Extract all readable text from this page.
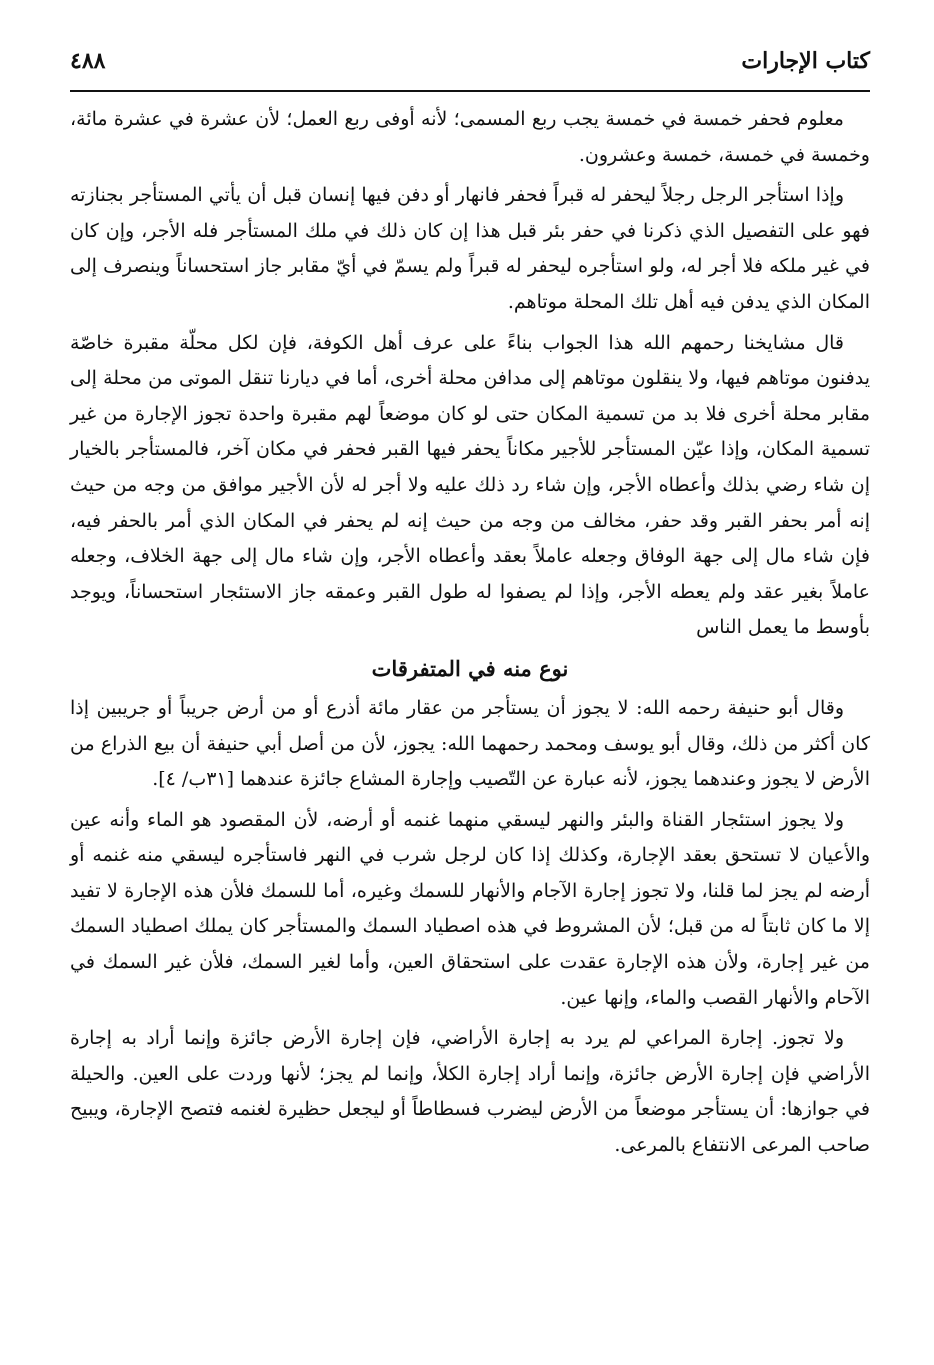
كتاب الإجارات
٤٨٨

معلوم فحفر خمسة في خمسة يجب ربع المسمى؛ لأنه أوفى ربع العمل؛ لأن عشرة في عشرة مائة، وخمسة في خمسة، خمسة وعشرون.

وإذا استأجر الرجل رجلاً ليحفر له قبراً فحفر فانهار أو دفن فيها إنسان قبل أن يأتي المستأجر بجنازته فهو على التفصيل الذي ذكرنا في حفر بئر قبل هذا إن كان ذلك في ملك المستأجر فله الأجر، وإن كان في غير ملكه فلا أجر له، ولو استأجره ليحفر له قبراً ولم يسمّ في أيّ مقابر جاز استحساناً وينصرف إلى المكان الذي يدفن فيه أهل تلك المحلة موتاهم.

قال مشايخنا رحمهم الله هذا الجواب بناءً على عرف أهل الكوفة، فإن لكل محلّة مقبرة خاصّة يدفنون موتاهم فيها، ولا ينقلون موتاهم إلى مدافن محلة أخرى، أما في ديارنا تنقل الموتى من محلة إلى مقابر محلة أخرى فلا بد من تسمية المكان حتى لو كان موضعاً لهم مقبرة واحدة تجوز الإجارة من غير تسمية المكان، وإذا عيّن المستأجر للأجير مكاناً يحفر فيها القبر فحفر في مكان آخر، فالمستأجر بالخيار إن شاء رضي بذلك وأعطاه الأجر، وإن شاء رد ذلك عليه ولا أجر له لأن الأجير موافق من وجه من حيث إنه أمر بحفر القبر وقد حفر، مخالف من وجه من حيث إنه لم يحفر في المكان الذي أمر بالحفر فيه، فإن شاء مال إلى جهة الوفاق وجعله عاملاً بعقد وأعطاه الأجر، وإن شاء مال إلى جهة الخلاف، وجعله عاملاً بغير عقد ولم يعطه الأجر، وإذا لم يصفوا له طول القبر وعمقه جاز الاستئجار استحساناً، ويوجد بأوسط ما يعمل الناس

نوع منه في المتفرقات

وقال أبو حنيفة رحمه الله: لا يجوز أن يستأجر من عقار مائة أذرع أو من أرض جريباً أو جريبين إذا كان أكثر من ذلك، وقال أبو يوسف ومحمد رحمهما الله: يجوز، لأن من أصل أبي حنيفة أن بيع الذراع من الأرض لا يجوز وعندهما يجوز، لأنه عبارة عن التّصيب وإجارة المشاع جائزة عندهما [٣١ب/ ٤].

ولا يجوز استئجار القناة والبئر والنهر ليسقي منهما غنمه أو أرضه، لأن المقصود هو الماء وأنه عين والأعيان لا تستحق بعقد الإجارة، وكذلك إذا كان لرجل شرب في النهر فاستأجره ليسقي منه غنمه أو أرضه لم يجز لما قلنا، ولا تجوز إجارة الآجام والأنهار للسمك وغيره، أما للسمك فلأن هذه الإجارة لا تفيد إلا ما كان ثابتاً له من قبل؛ لأن المشروط في هذه اصطياد السمك والمستأجر كان يملك اصطياد السمك من غير إجارة، ولأن هذه الإجارة عقدت على استحقاق العين، وأما لغير السمك، فلأن غير السمك في الآحام والأنهار القصب والماء، وإنها عين.

ولا تجوز. إجارة المراعي لم يرد به إجارة الأراضي، فإن إجارة الأرض جائزة وإنما أراد به إجارة الأراضي فإن إجارة الأرض جائزة، وإنما أراد إجارة الكلأ، وإنما لم يجز؛ لأنها وردت على العين. والحيلة في جوازها: أن يستأجر موضعاً من الأرض ليضرب فسطاطاً أو ليجعل حظيرة لغنمه فتصح الإجارة، ويبيح صاحب المرعى الانتفاع بالمرعى.
